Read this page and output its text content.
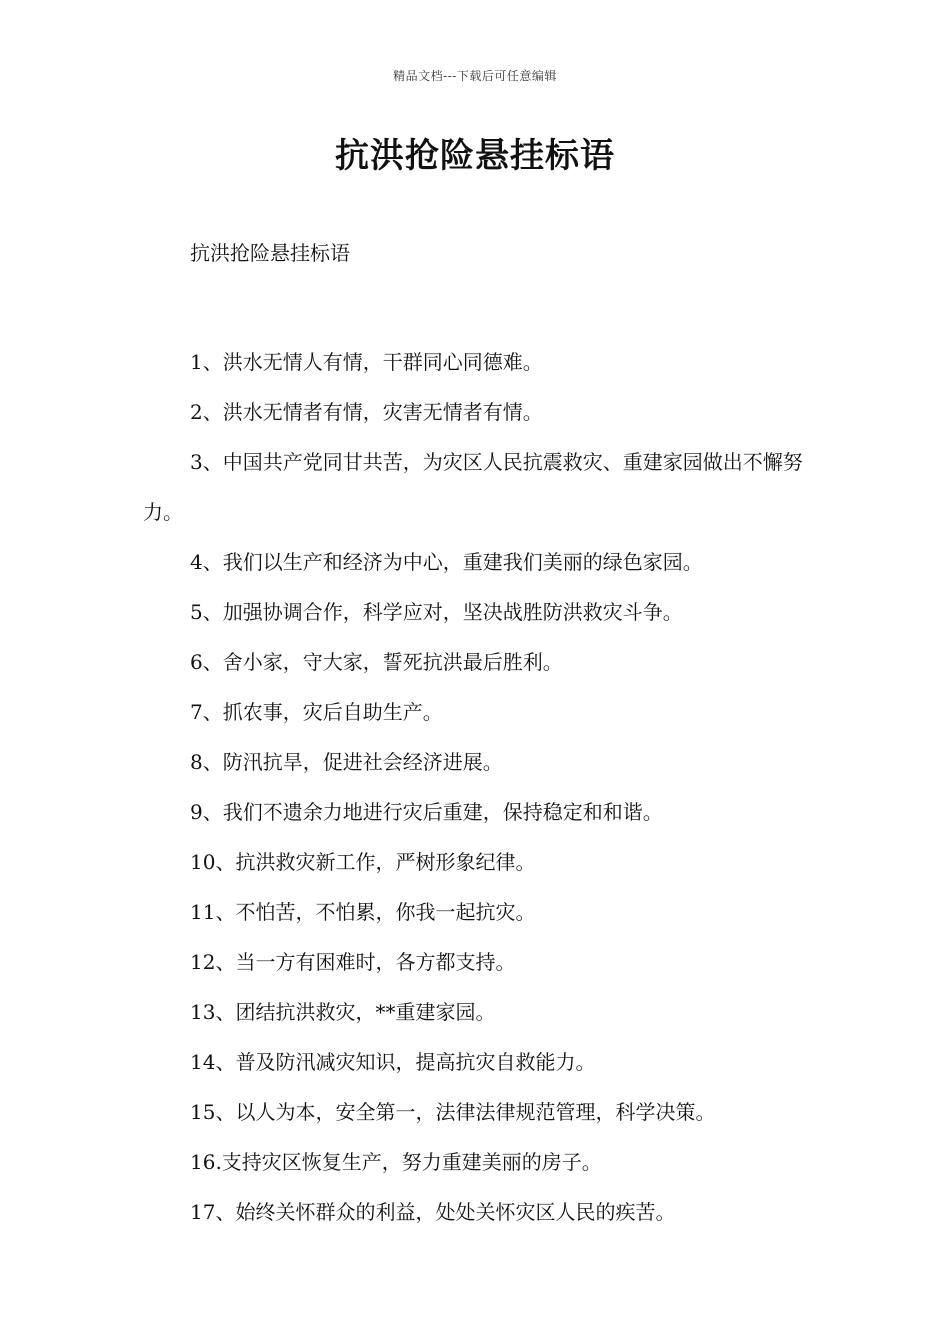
精品文档---下载后可任意编辑
抗洪抢险悬挂标语
抗洪抢险悬挂标语
1、洪水无情人有情，干群同心同德难。
2、洪水无情者有情，灾害无情者有情。
3、中国共产党同甘共苦，为灾区人民抗震救灾、重建家园做出不懈努力。
4、我们以生产和经济为中心，重建我们美丽的绿色家园。
5、加强协调合作，科学应对，坚决战胜防洪救灾斗争。
6、舍小家，守大家，誓死抗洪最后胜利。
7、抓农事，灾后自助生产。
8、防汛抗旱，促进社会经济进展。
9、我们不遗余力地进行灾后重建，保持稳定和和谐。
10、抗洪救灾新工作，严树形象纪律。
11、不怕苦，不怕累，你我一起抗灾。
12、当一方有困难时，各方都支持。
13、团结抗洪救灾，**重建家园。
14、普及防汛减灾知识，提高抗灾自救能力。
15、以人为本，安全第一，法律法律规范管理，科学决策。
16.支持灾区恢复生产，努力重建美丽的房子。
17、始终关怀群众的利益，处处关怀灾区人民的疾苦。
